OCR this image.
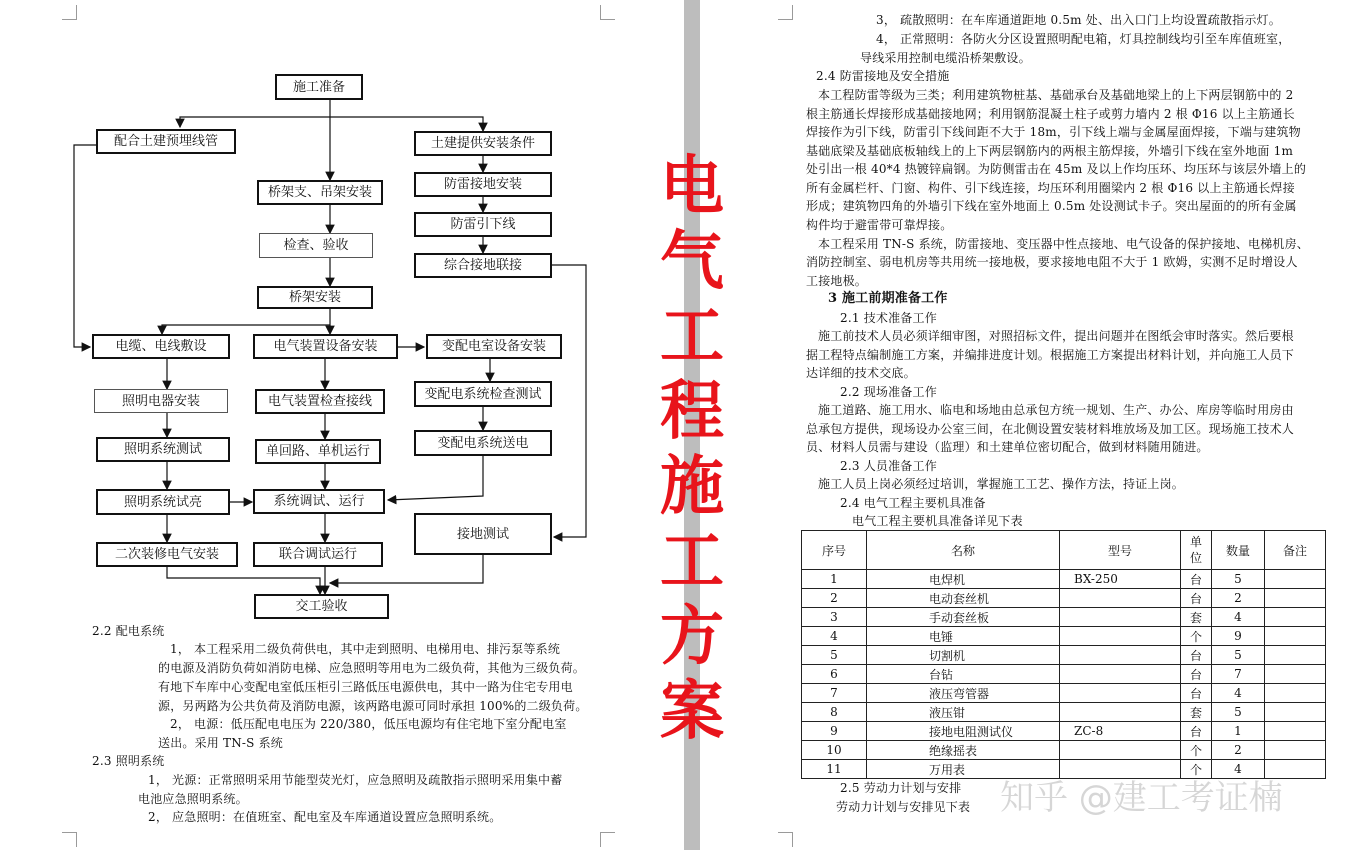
施工准备
配合土建预埋线管	土建提供安装条件
桥架支、吊架安装
防雷接地安装
检查、验收
防雷引下线
桥架安装
综合接地联接
电缆、电线敷设	电气装置设备安装	变配电室设备安装
照明电器安装	电气装置检查接线	变配电系统检查测试
照明系统测试	单回路、单机运行
变配电系统送电
照明系统试亮	系统调试、运行
接地测试
二次装修电气安装	联合调试运行
交工验收
2.2 配电系统
1， 本工程采用二级负荷供电，其中走到照明、电梯用电、排污泵等系统
的电源及消防负荷如消防电梯、应急照明等用电为二级负荷，其他为三级负荷。
有地下车库中心变配电室低压柜引三路低压电源供电，其中一路为住宅专用电
源，另两路为公共负荷及消防电源，该两路电源可同时承担 100%的二级负荷。
2， 电源：低压配电电压为 220/380，低压电源均有住宅地下室分配电室
送出。采用 TN-S 系统
2.3 照明系统
1， 光源：正常照明采用节能型荧光灯，应急照明及疏散指示照明采用集中蓄
电池应急照明系统。
2， 应急照明：在值班室、配电室及车库通道设置应急照明系统。
电
气
工
程
施
工
方
案
3， 疏散照明：在车库通道距地 0.5m 处、出入口门上均设置疏散指示灯。
4， 正常照明：各防火分区设置照明配电箱，灯具控制线均引至车库值班室，
导线采用控制电缆沿桥架敷设。
2.4 防雷接地及安全措施
本工程防雷等级为三类；利用建筑物桩基、基础承台及基础地梁上的上下两层钢筋中的 2
根主筋通长焊接形成基础接地网；利用钢筋混凝土柱子或剪力墙内 2 根 Φ16 以上主筋通长
焊接作为引下线，防雷引下线间距不大于 18m，引下线上端与金属屋面焊接，下端与建筑物
基础底梁及基础底板轴线上的上下两层钢筋内的两根主筋焊接，外墙引下线在室外地面 1m
处引出一根 40*4 热镀锌扁钢。为防侧雷击在 45m 及以上作均压环、均压环与该层外墙上的
所有金属栏杆、门窗、构件、引下线连接，均压环利用圈梁内 2 根 Φ16 以上主筋通长焊接
形成；建筑物四角的外墙引下线在室外地面上 0.5m 处设测试卡子。突出屋面的的所有金属
构件均于避雷带可靠焊接。
本工程采用 TN-S 系统，防雷接地、变压器中性点接地、电气设备的保护接地、电梯机房、
消防控制室、弱电机房等共用统一接地极，要求接地电阻不大于 1 欧姆，实测不足时增设人
工接地极。
3 施工前期准备工作
2.1 技术准备工作
施工前技术人员必须详细审图，对照招标文件，提出问题并在图纸会审时落实。然后要根
据工程特点编制施工方案，并编排进度计划。根据施工方案提出材料计划，并向施工人员下
达详细的技术交底。
2.2 现场准备工作
施工道路、施工用水、临电和场地由总承包方统一规划、生产、办公、库房等临时用房由
总承包方提供，现场设办公室三间，在北侧设置安装材料堆放场及加工区。现场施工技术人
员、材料人员需与建设（监理）和土建单位密切配合，做到材料随用随进。
2.3 人员准备工作
施工人员上岗必须经过培训，掌握施工工艺、操作方法，持证上岗。
2.4 电气工程主要机具准备
电气工程主要机具准备详见下表
序号	名称	型号	单位	数量	备注
1	电焊机	BX-250	台	5	
2	电动套丝机		台	2	
3	手动套丝板		套	4	
4	电锤		个	9	
5	切割机		台	5	
6	台钻		台	7	
7	液压弯管器		台	4	
8	液压钳		套	5	
9	接地电阻测试仪	ZC-8	台	1	
10	绝缘摇表		个	2	
11	万用表		个	4	
2.5 劳动力计划与安排
劳动力计划与安排见下表 知乎 @建工考证楠
